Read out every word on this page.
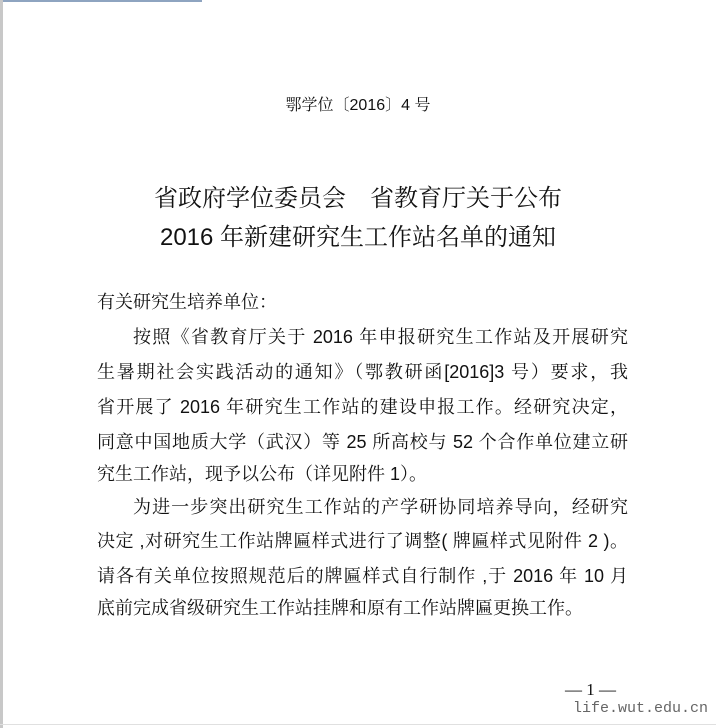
鄂学位〔2016〕4 号
省政府学位委员会　省教育厅关于公布
2016 年新建研究生工作站名单的通知
有关研究生培养单位：
按照《省教育厅关于 2016 年申报研究生工作站及开展研究
生暑期社会实践活动的通知》（鄂教研函[2016]3 号）要求，我
省开展了 2016 年研究生工作站的建设申报工作。经研究决定，
同意中国地质大学（武汉）等 25 所高校与 52 个合作单位建立研
究生工作站，现予以公布（详见附件 1）。
为进一步突出研究生工作站的产学研协同培养导向，经研究
决定 ,对研究生工作站牌匾样式进行了调整( 牌匾样式见附件 2 )。
请各有关单位按照规范后的牌匾样式自行制作 ,于 2016 年 10 月
底前完成省级研究生工作站挂牌和原有工作站牌匾更换工作。
— 1 —
life.wut.edu.cn
